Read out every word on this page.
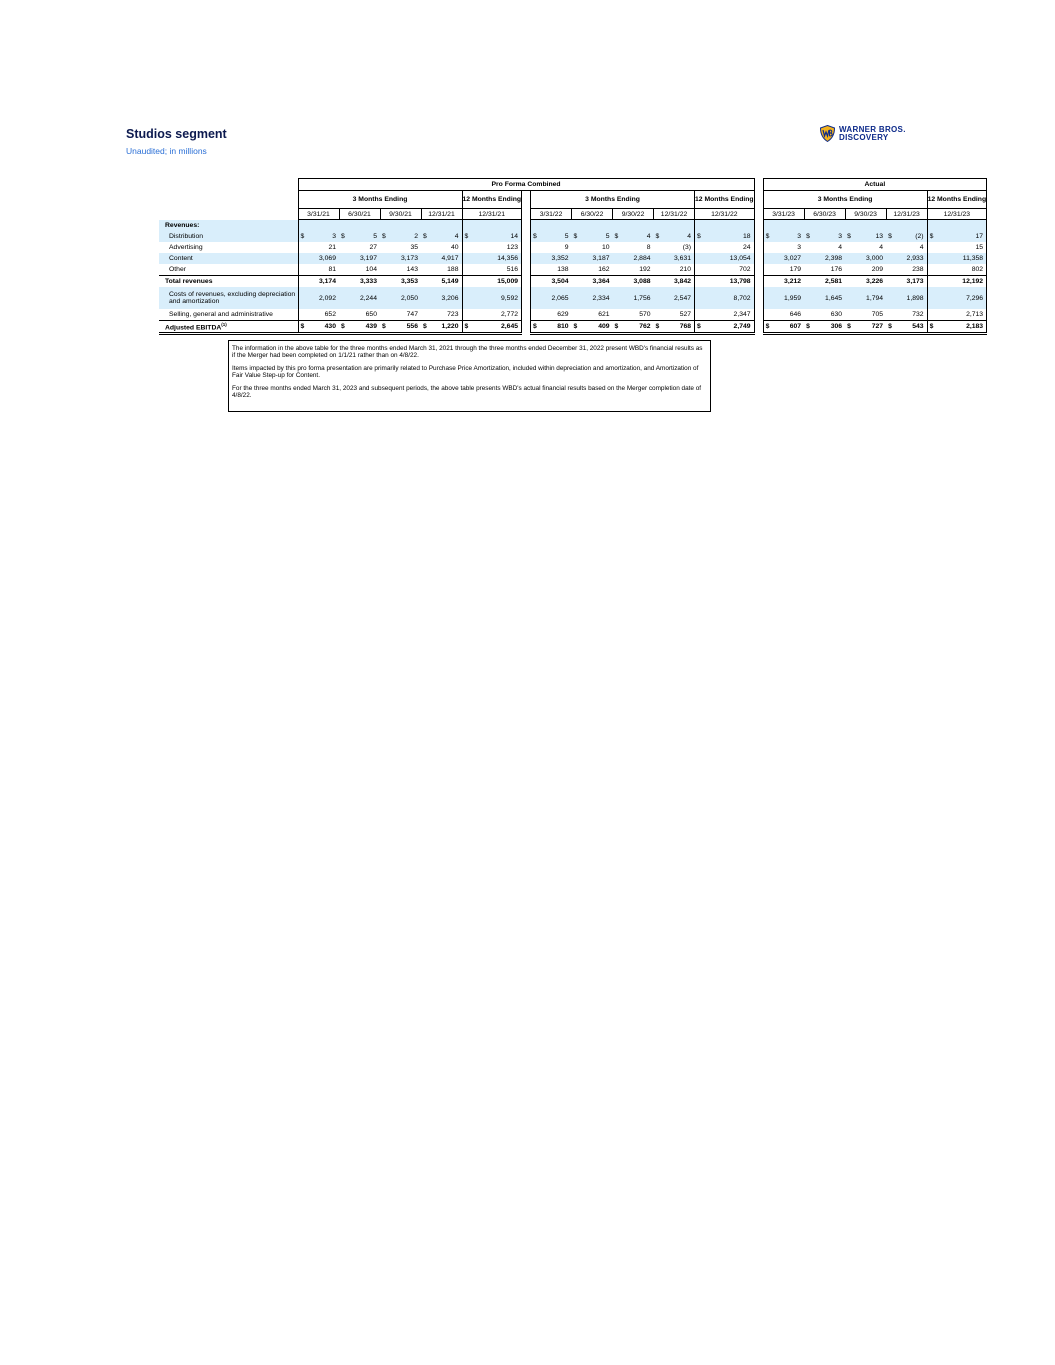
Studios segment
Unaudited; in millions
WARNER BROS.
DISCOVERY
	Pro Forma Combined												Actual				
	3 Months Ending				12 Months Ending		3 Months Ending				12 Months Ending		3 Months Ending				12 Months Ending
	3/31/21	6/30/21	9/30/21	12/31/21	12/31/21		3/31/22	6/30/22	9/30/22	12/31/22	12/31/22		3/31/23	6/30/23	9/30/23	12/31/23	12/31/23
Revenues:																	
Distribution	$ 3	$ 5	$ 2	$ 4	$ 14		$ 5	$ 5	$ 4	$ 4	$ 18		$ 3	$ 3	$ 13	$ (2)	$ 17

Advertising	21	27	35	40	123		9	10	8	(3)	24		3	4	4	4	15

Content	3,069	3,197	3,173	4,917	14,356		3,352	3,187	2,884	3,631	13,054		3,027	2,398	3,000	2,933	11,358

Other	81	104	143	188	516		138	162	192	210	702		179	176	209	238	802

Total revenues	3,174	3,333	3,353	5,149	15,009		3,504	3,364	3,088	3,842	13,798		3,212	2,581	3,226	3,173	12,192

Costs of revenues, excluding depreciation and amortization	2,092	2,244	2,050	3,206	9,592		2,065	2,334	1,756	2,547	8,702		1,959	1,645	1,794	1,898	7,296

Selling, general and administrative	652	650	747	723	2,772		629	621	570	527	2,347		646	630	705	732	2,713

Adjusted EBITDA$^{(1)}$	$ 430	$ 439	$ 556	$ 1,220	$ 2,645		$ 810	$ 409	$ 762	$ 768	$ 2,749		$ 607	$ 306	$ 727	$ 543	$ 2,183

The information in the above table for the three months ended March 31, 2021 through the three months ended December 31, 2022 present WBD's financial results as if the Merger had been completed on 1/1/21 rather than on 4/8/22.

Items impacted by this pro forma presentation are primarily related to Purchase Price Amortization, included within depreciation and amortization, and Amortization of Fair Value Step-up for Content.

For the three months ended March 31, 2023 and subsequent periods, the above table presents WBD's actual financial results based on the Merger completion date of 4/8/22.
